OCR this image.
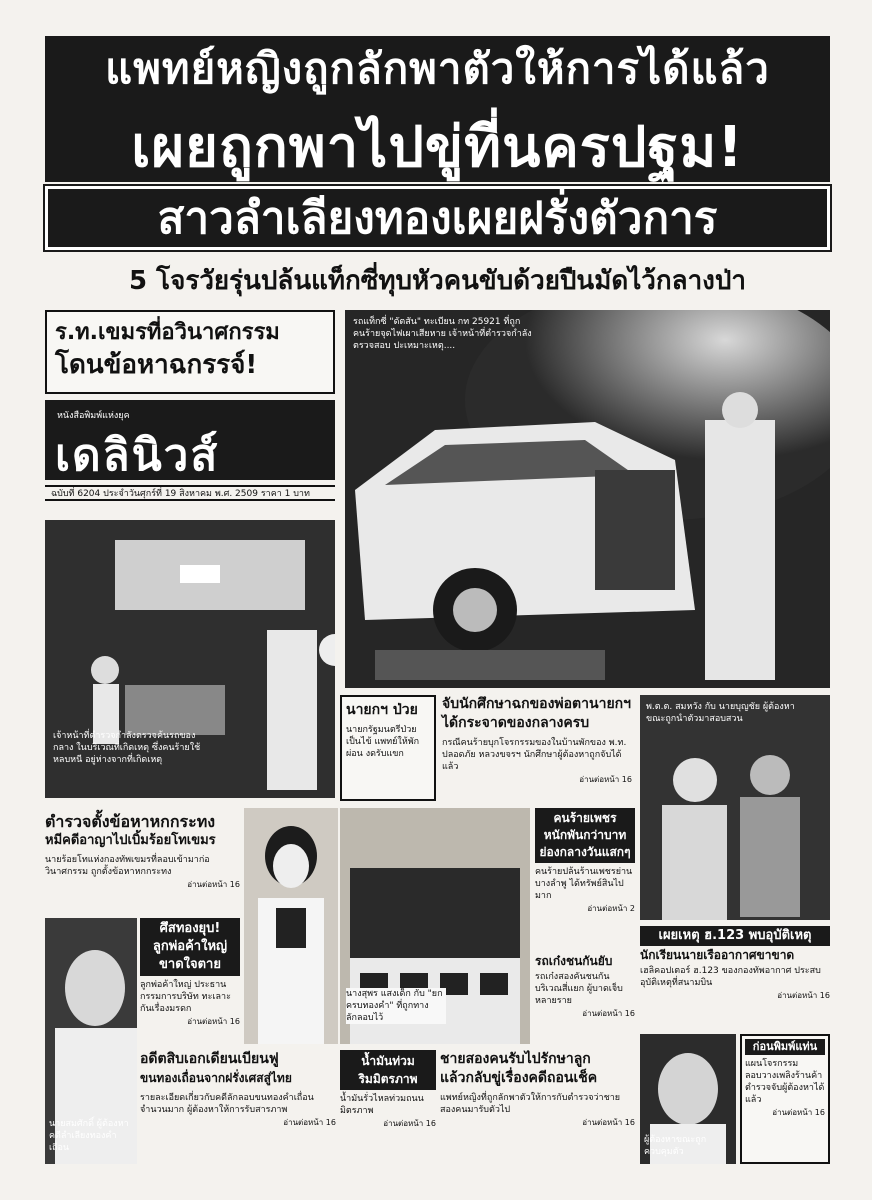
แพทย์หญิงถูกลักพาตัวให้การได้แล้ว
เผยถูกพาไปขู่ที่นครปฐม!
สาวลำเลียงทองเผยฝรั่งตัวการ
5 โจรวัยรุ่นปล้นแท็กซี่ทุบหัวคนขับด้วยปืนมัดไว้กลางป่า
ร.ท.เขมรที่อวินาศกรรม
โดนข้อหาฉกรรจ์!
หนังสือพิมพ์แห่งยุค
เดลินิวส์
ฉบับที่ 6204 ประจำวันศุกร์ที่ 19 สิงหาคม พ.ศ. 2509 ราคา 1 บาท
รถแท็กซี่ "ดัตสัน" ทะเบียน กท 25921 ที่ถูกคนร้ายจุดไฟเผาเสียหาย เจ้าหน้าที่ตำรวจกำลังตรวจสอบ ปะเหมาะเหตุ....
เจ้าหน้าที่ตำรวจกำลังตรวจค้นรถของกลาง ในบริเวณที่เกิดเหตุ ซึ่งคนร้ายใช้หลบหนี อยู่ห่างจากที่เกิดเหตุ
นายกฯ ป่วย
นายกรัฐมนตรีป่วยเป็นไข้ แพทย์ให้พักผ่อน งดรับแขก
จับนักศึกษาฉกของพ่อตานายกฯ
ได้กระจาดของกลางครบ
กรณีคนร้ายบุกโจรกรรมของในบ้านพักของ พ.ท. ปลอดภัย หลวงขจรฯ นักศึกษาผู้ต้องหาถูกจับได้แล้ว
อ่านต่อหน้า 16
พ.ต.ต. สมหวัง กับ นายบุญชัย ผู้ต้องหาขณะถูกนำตัวมาสอบสวน
ตำรวจตั้งข้อหาหกกระทง
หมีคดีอาญาไปเบิ้มร้อยโทเขมร
นายร้อยโทแห่งกองทัพเขมรที่ลอบเข้ามาก่อวินาศกรรม ถูกตั้งข้อหาหกกระทง
อ่านต่อหน้า 16
นางสุพร แสงเด็ก กับ "ยกครบทองคำ" ที่ถูกทางลักลอบไว้
คนร้ายเพชร
หนักพันกว่าบาท
ย่องกลางวันแสกๆ
คนร้ายปล้นร้านเพชรย่านบางลำพู ได้ทรัพย์สินไปมาก
อ่านต่อหน้า 2
รถเก๋งชนกันยับ
รถเก๋งสองคันชนกันบริเวณสี่แยก ผู้บาดเจ็บหลายราย
อ่านต่อหน้า 16
ศึสทองยุบ!
ลูกพ่อค้าใหญ่
ขาดใจตาย
ลูกพ่อค้าใหญ่ ประธานกรรมการบริษัท ทะเลาะกันเรื่องมรดก
อ่านต่อหน้า 16
เผยเหตุ ฮ.123 พบอุบัติเหตุ
นักเรียนนายเรืออากาศขาขาด
เฮลิคอปเตอร์ ฮ.123 ของกองทัพอากาศ ประสบอุบัติเหตุที่สนามบิน
อ่านต่อหน้า 16
นายสมศักดิ์ ผู้ต้องหาคดีลำเลียงทองคำเถื่อน
อดีตสิบเอกเดียนเบียนฟู
ขนทองเถื่อนจากฝรั่งเศสสู่ไทย
รายละเอียดเกี่ยวกับคดีลักลอบขนทองคำเถื่อนจำนวนมาก ผู้ต้องหาให้การรับสารภาพ
อ่านต่อหน้า 16
น้ำมันท่วม
ริมมิตรภาพ
น้ำมันรั่วไหลท่วมถนนมิตรภาพ
อ่านต่อหน้า 16
ชายสองคนรับไปรักษาลูก
แล้วกลับขู่เรื่องคดีถอนเช็ค
แพทย์หญิงที่ถูกลักพาตัวให้การกับตำรวจว่าชายสองคนมารับตัวไป
อ่านต่อหน้า 16
ผู้ต้องหาขณะถูกควบคุมตัว
ก่อนพิมพ์แท่น
แผนโจรกรรม
ลอบวางเพลิงร้านค้า
ตำรวจจับผู้ต้องหาได้แล้ว
อ่านต่อหน้า 16
